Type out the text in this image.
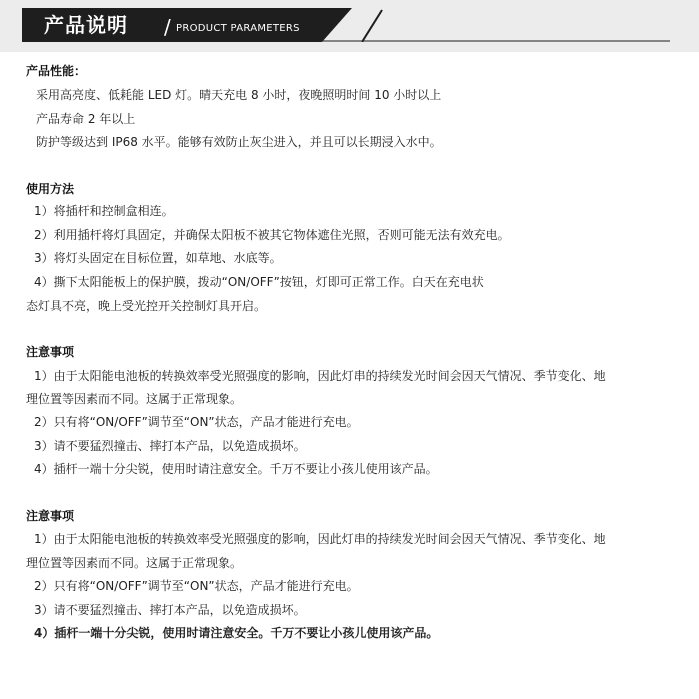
产品说明 / PRODUCT PARAMETERS
产品性能：
采用高亮度、低耗能 LED 灯。晴天充电 8 小时，夜晚照明时间 10 小时以上
产品寿命 2 年以上
防护等级达到 IP68 水平。能够有效防止灰尘进入，并且可以长期浸入水中。
使用方法
1）将插杆和控制盒相连。
2）利用插杆将灯具固定，并确保太阳板不被其它物体遮住光照，否则可能无法有效充电。
3）将灯头固定在目标位置，如草地、水底等。
4）撕下太阳能板上的保护膜，拨动“ON/OFF”按钮，灯即可正常工作。白天在充电状
态灯具不亮，晚上受光控开关控制灯具开启。
注意事项
1）由于太阳能电池板的转换效率受光照强度的影响，因此灯串的持续发光时间会因天气情况、季节变化、地
理位置等因素而不同。这属于正常现象。
2）只有将“ON/OFF”调节至“ON”状态，产品才能进行充电。
3）请不要猛烈撞击、摔打本产品，以免造成损坏。
4）插杆一端十分尖锐，使用时请注意安全。千万不要让小孩儿使用该产品。
注意事项
1）由于太阳能电池板的转换效率受光照强度的影响，因此灯串的持续发光时间会因天气情况、季节变化、地
理位置等因素而不同。这属于正常现象。
2）只有将“ON/OFF”调节至“ON”状态，产品才能进行充电。
3）请不要猛烈撞击、摔打本产品，以免造成损坏。
4）插杆一端十分尖锐，使用时请注意安全。千万不要让小孩儿使用该产品。
